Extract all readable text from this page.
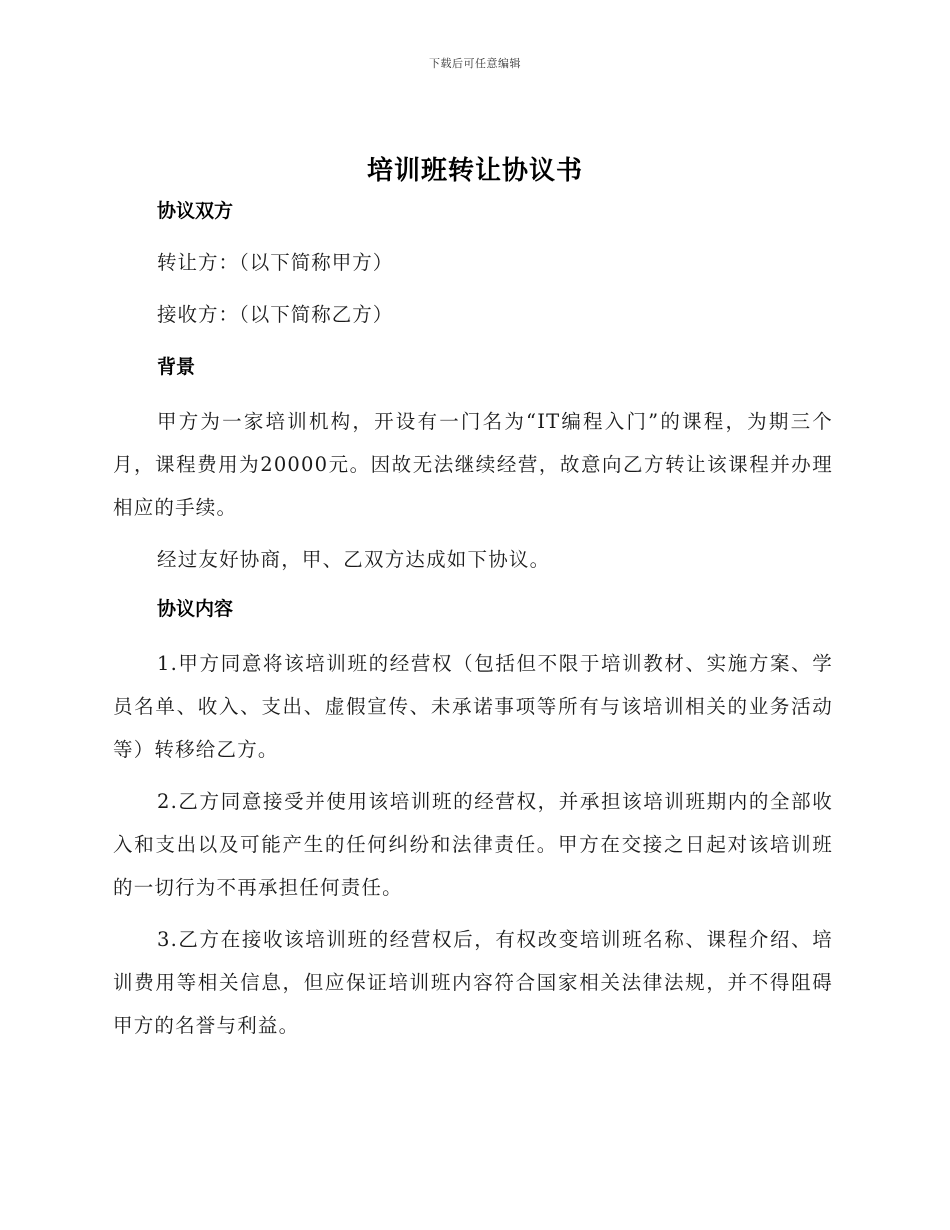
下载后可任意编辑
培训班转让协议书
协议双方
转让方：（以下简称甲方）
接收方：（以下简称乙方）
背景

甲方为一家培训机构，开设有一门名为“IT编程入门”的课程，为期三个月，课程费用为20000元。因故无法继续经营，故意向乙方转让该课程并办理相应的手续。

经过友好协商，甲、乙双方达成如下协议。

协议内容

1.甲方同意将该培训班的经营权（包括但不限于培训教材、实施方案、学员名单、收入、支出、虚假宣传、未承诺事项等所有与该培训相关的业务活动等）转移给乙方。

2.乙方同意接受并使用该培训班的经营权，并承担该培训班期内的全部收入和支出以及可能产生的任何纠纷和法律责任。甲方在交接之日起对该培训班的一切行为不再承担任何责任。

3.乙方在接收该培训班的经营权后，有权改变培训班名称、课程介绍、培训费用等相关信息，但应保证培训班内容符合国家相关法律法规，并不得阻碍甲方的名誉与利益。
